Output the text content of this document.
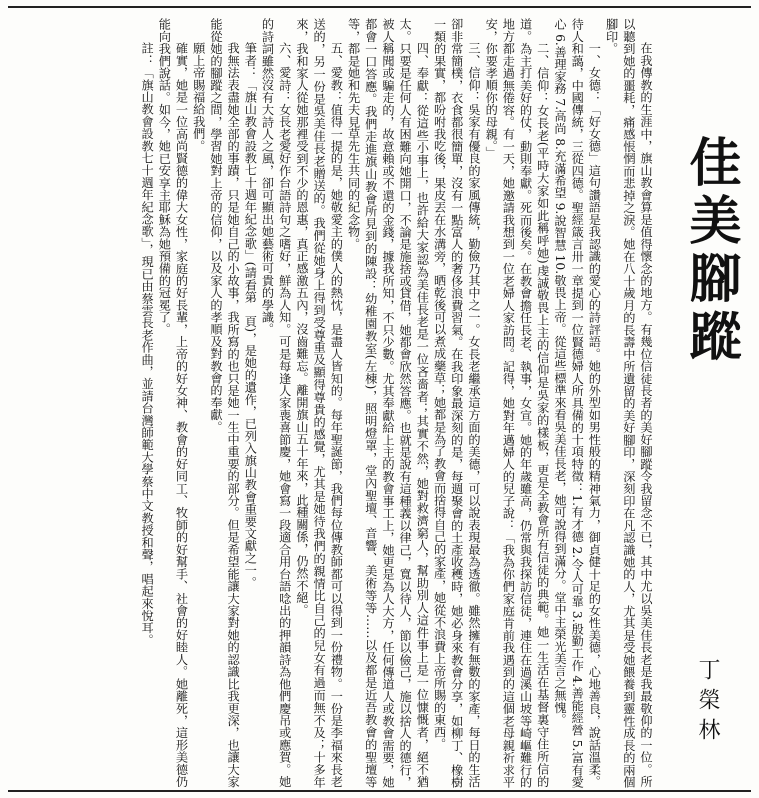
佳美腳蹤
丁榮林

在我傳教的生涯中，旗山教會算是值得懷念的地方。有幾位信徒長者的美好腳蹤令我留念不已，其中尤以吳美佳長老是我最敬仰的一位。所以聽到她的噩耗，痛感悵惘而悲掉之淚。她在八十歲月的長壽中所遺留的美好腳印，深刻印在凡認識她的人，尤其是受她餵養到靈性成長的兩個腳印。

一、女德：「好女德」這句讚語是我認識的愛心的詩評語。她的外型如男性般的精神氣力，御貞健十足的女性美德，心地善良，說話溫柔。待人和藹，中國傳統，三從四德。聖經箴言卅一章提到一位賢德婦人所具備的十項特徵：1.有才德 2.令人可靠 3.殷勤工作 4.善能經營 5.富有愛心 6.善理家務 7.高尚 8.充滿希望 9.說智慧 10.敬畏上帝。從這些標準來看吳美佳長老，她可說得到滿分。堂中主榮光美言之無愧。

二、信仰：女長老(平時大家如此稱呼她)虔誠敬畏上主的信仰是吳家的樣板，更是全教會所有信徒的典範。她一生活在基督裏守住所信的道。為主打美好的仗，動則奉獻。死而後矣。在教會擔任長老、執事，女宣。她的年歲雖高，仍常與我探訪信徒，連住在過溪山坡等崎嶇難行的地方都走過無倦容。有一天，她邀請我想到一位老婦人家訪問。記得，她對年邁婦人的兒子說：「我為你們家庭肯前我遇到的這個老母親祈求平安，你要孝順你的母親。」

三、信仰：吳家有優良的家風傳統，勤儉乃其中之一。女長老繼承這方面的美德，可以說表現最為透徹。雖然擁有無數的家產，每日的生活卻非常簡樸，衣食都很簡單，沒有一點富人的奢侈浪費習氣。在我印象最深刻的是，每週聚會的土產收穫時，她必身來教會分享，如柳丁、橡樹一類的果實，都吩咐我吃後，果皮丟在水溝旁，晒乾後可以煮成藥草；她都是為了教會而捨得自己的家產，她從不浪費上帝所賜的東西。

四、奉獻：從這些小事上，也許給大家認為美佳長老是一位吝嗇者；其實不然，她對救濟窮人，幫助別人這件事上是一位慷慨者，絕不猶太。只要是任何人有困難向她開口，不論是施捨或貸借，她都會欣然答應。也就是說有這種義以律己，寬以待人，節以儉己，施以捨人的德行，被人稱聞或騙走的，故意賴或不還的金錢，據我所知，不只少數。尤其奉獻給上主的教會事工上，她更是為人大方，任何傳道人或教會需要，她都會一口答應。我們走進旗山教會所見到的陳設：幼稚園教室(左棟)，照明燈罩，堂內聖壇、音響、美術等等……以及都是近吾教會的聖壇等等，都是她和先夫見草先生共同的紀念物。

五、愛教：值得一提的是，她敬愛主的僕人的熱忱，是盡人皆知的。每年聖誕節，我們每位傳教師都可以得到一份禮物。一份是李福來長老送的，另一份是吳美佳長老贈送的。我們從她身上得到受尊重及顯得尊貴的感覺，尤其是她待我們的親情比自己的兒女有過而無不及；十多年來，我和家人從她那裡受到不少的恩惠，真正感激五內，沒齒難忘。離開旗山五十年來，此種關係，仍然不絕。

六、愛詩：女長老愛好作台語詩句之嗜好，鮮為人知。可是每逢人家喪喜節慶，她會寫一段適合用台語唸出的押韻詩為他們慶吊或應賀。她的詩詞雖然沒有大詩人之風，卻可顯出她藝術可貴的學識。

筆者：「旗山教會設教七十週年紀念歌」(請看第　頁)，是她的遺作，已列入旗山教會重要文獻之一。

我無法表盡她全部的事蹟，只是她自己的小故事，我所寫的也只是她一生中重要的部分。但是希望能讓大家對她的認識比我更深，也讓大家能從她的腳蹤之間，學習她對上帝的信仰，以及家人的孝順及對教會的奉獻。

願上帝賜福給我們。

確實，她是一位高尚賢德的偉大女性，家庭的好長輩，上帝的好女神、教會的好同工、牧師的好幫手、社會的好睦人。她離死，這形美德仍能向我們說話。如今，她已安享主耶穌為她預備的冠冕了。

註：「旗山教會設教七十週年紀念歌」，現已由蔡雲長老作曲，並請台灣師範大學蔡中文教授和聲，唱起來悅耳。
